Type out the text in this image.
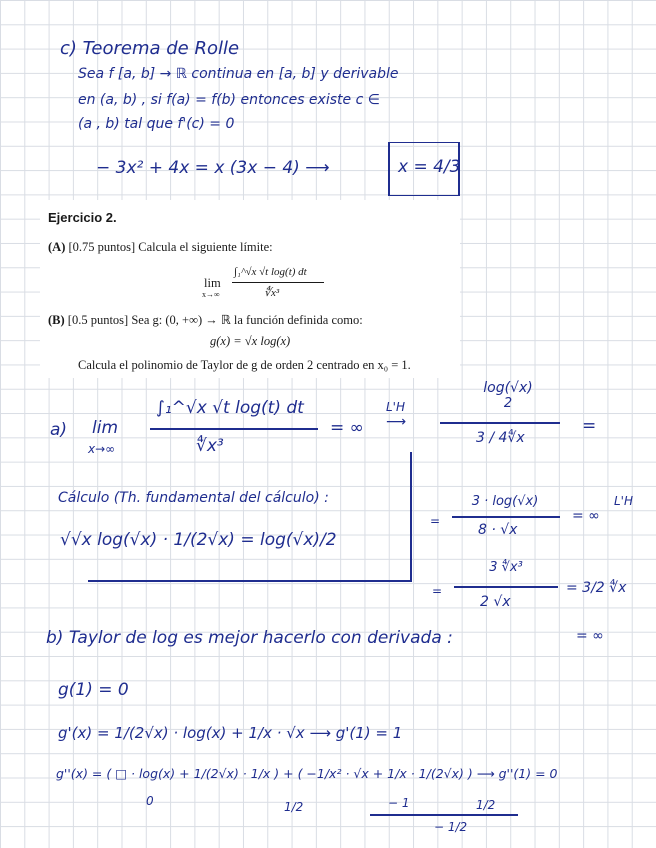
c) Teorema de Rolle
Sea f [a, b] → ℝ continua en [a, b] y derivable
en (a, b) , si f(a) = f(b) entonces existe c ∈
(a , b) tal que f'(c) = 0
− 3x² + 4x = x (3x − 4) ⟶	x = 4/3
Ejercicio 2.
(A) [0.75 puntos] Calcula el siguiente límite:
lim
x→∞
∫₁^√x √t log(t) dt
∜x³
(B) [0.5 puntos] Sea g: (0, +∞) → ℝ la función definida como:
g(x) = √x log(x)
Calcula el polinomio de Taylor de g de orden 2 centrado en x₀ = 1.
a) lim
x→∞
∫₁^√x √t log(t) dt
∜x³
= ∞
L'H
⟶
log(√x)
2
3 / 4∜x
=
Cálculo (Th. fundamental del cálculo) :
√√x log(√x) · 1/(2√x) = log(√x)/2
=
3 · log(√x)
8 · √x
= ∞
L'H
=
3 ∜x³
2 √x
= 3/2 ∜x
= ∞
b) Taylor de log es mejor hacerlo con derivada :
g(1) = 0
g'(x) = 1/(2√x) · log(x) + 1/x · √x ⟶ g'(1) = 1
g''(x) = ( □ · log(x) + 1/(2√x) · 1/x ) + ( −1/x² · √x + 1/x · 1/(2√x) ) ⟶ g''(1) = 0
0	1/2	− 1	1/2
− 1/2
